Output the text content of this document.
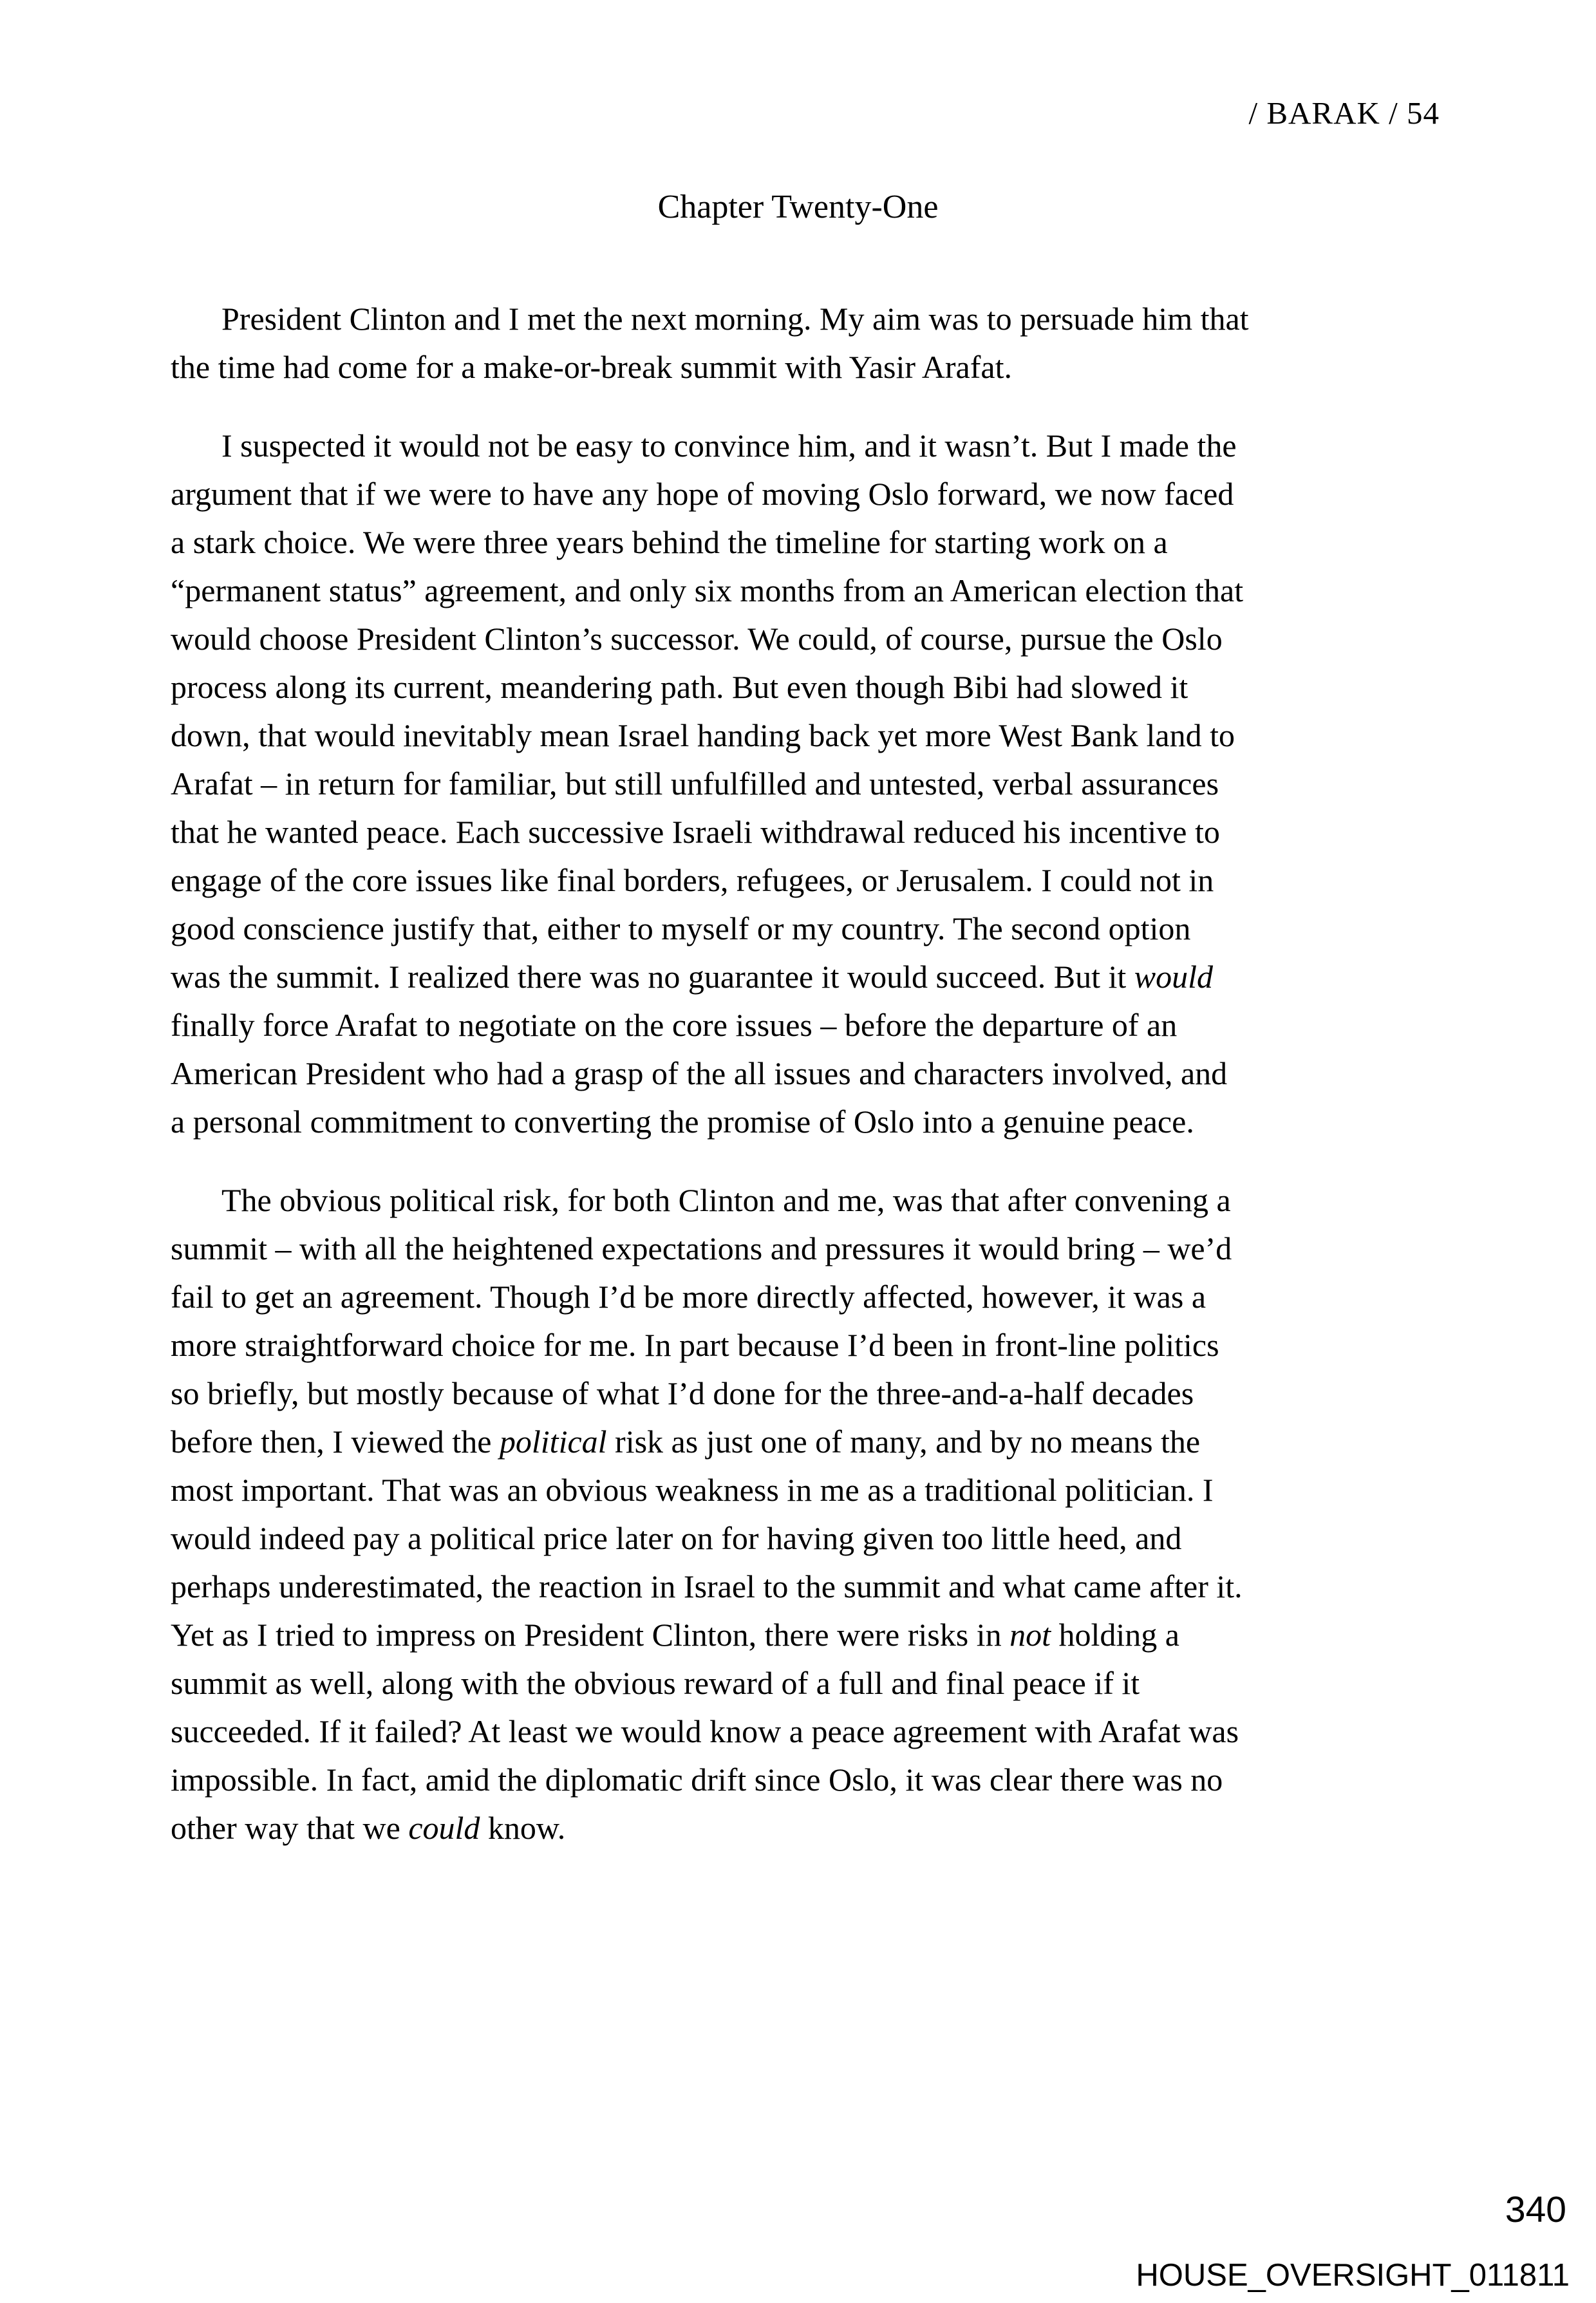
/ BARAK / 54
Chapter Twenty-One
President Clinton and I met the next morning. My aim was to persuade him that
the time had come for a make-or-break summit with Yasir Arafat.
I suspected it would not be easy to convince him, and it wasn’t. But I made the
argument that if we were to have any hope of moving Oslo forward, we now faced
a stark choice. We were three years behind the timeline for starting work on a
“permanent status” agreement, and only six months from an American election that
would choose President Clinton’s successor. We could, of course, pursue the Oslo
process along its current, meandering path. But even though Bibi had slowed it
down, that would inevitably mean Israel handing back yet more West Bank land to
Arafat – in return for familiar, but still unfulfilled and untested, verbal assurances
that he wanted peace. Each successive Israeli withdrawal reduced his incentive to
engage of the core issues like final borders, refugees, or Jerusalem. I could not in
good conscience justify that, either to myself or my country. The second option
was the summit. I realized there was no guarantee it would succeed. But it would
finally force Arafat to negotiate on the core issues – before the departure of an
American President who had a grasp of the all issues and characters involved, and
a personal commitment to converting the promise of Oslo into a genuine peace.
The obvious political risk, for both Clinton and me, was that after convening a
summit – with all the heightened expectations and pressures it would bring – we’d
fail to get an agreement. Though I’d be more directly affected, however, it was a
more straightforward choice for me. In part because I’d been in front-line politics
so briefly, but mostly because of what I’d done for the three-and-a-half decades
before then, I viewed the political risk as just one of many, and by no means the
most important. That was an obvious weakness in me as a traditional politician. I
would indeed pay a political price later on for having given too little heed, and
perhaps underestimated, the reaction in Israel to the summit and what came after it.
Yet as I tried to impress on President Clinton, there were risks in not holding a
summit as well, along with the obvious reward of a full and final peace if it
succeeded. If it failed? At least we would know a peace agreement with Arafat was
impossible. In fact, amid the diplomatic drift since Oslo, it was clear there was no
other way that we could know.
340
HOUSE_OVERSIGHT_011811
